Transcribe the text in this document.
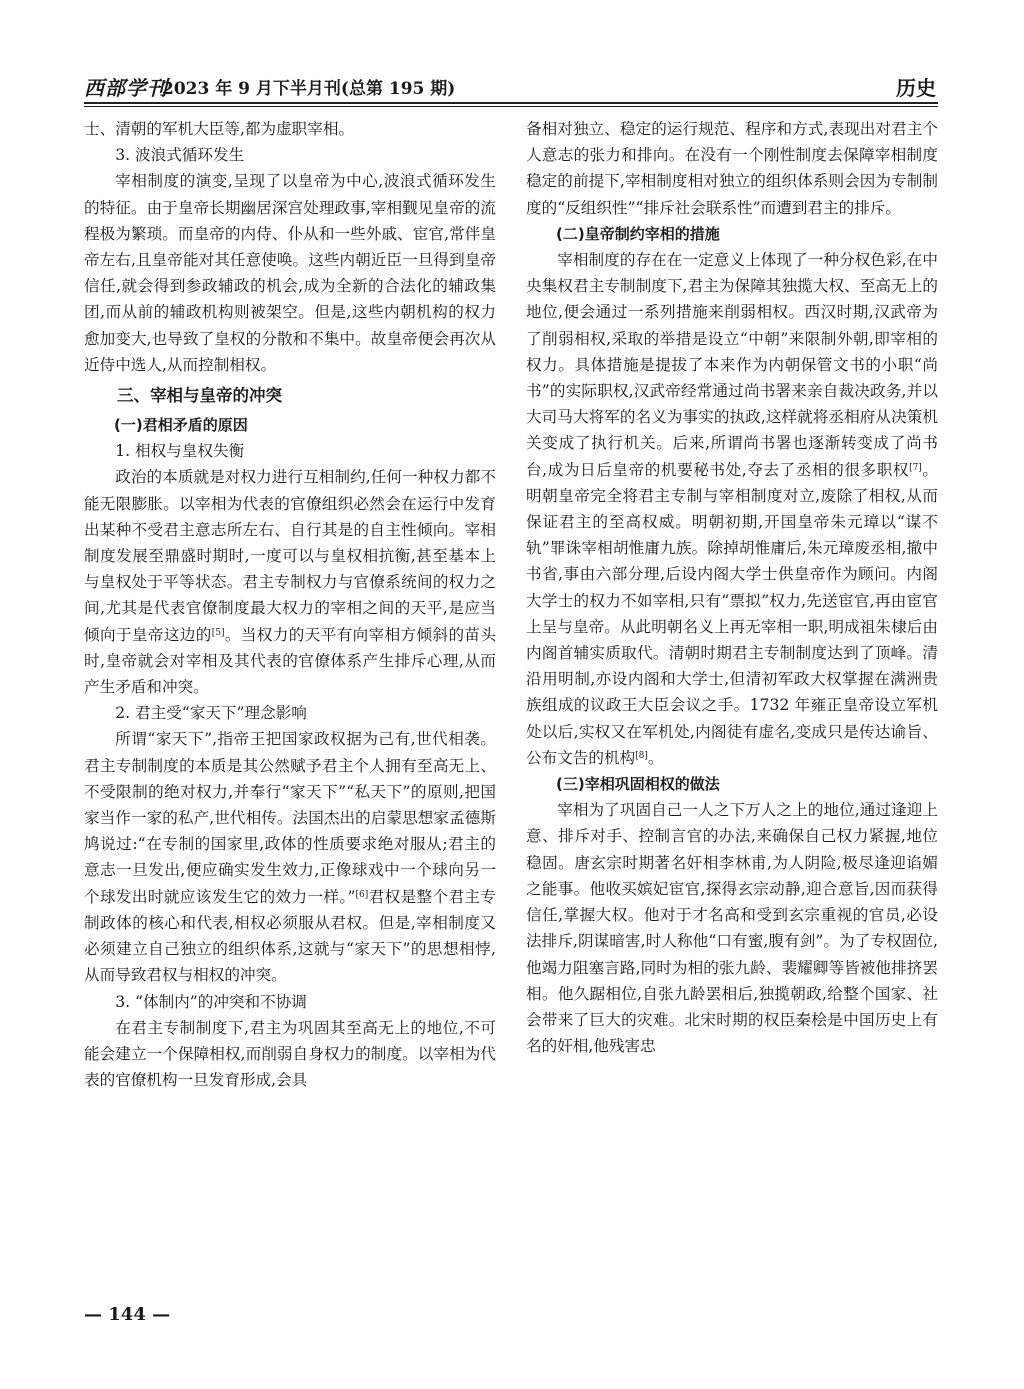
西部学刊
2023 年 9 月下半月刊(总第 195 期)	历史

士、清朝的军机大臣等,都为虚职宰相。

3. 波浪式循环发生

宰相制度的演变,呈现了以皇帝为中心,波浪式循环发生的特征。由于皇帝长期幽居深宫处理政事,宰相觐见皇帝的流程极为繁琐。而皇帝的内侍、仆从和一些外戚、宦官,常伴皇帝左右,且皇帝能对其任意使唤。这些内朝近臣一旦得到皇帝信任,就会得到参政辅政的机会,成为全新的合法化的辅政集团,而从前的辅政机构则被架空。但是,这些内朝机构的权力愈加变大,也导致了皇权的分散和不集中。故皇帝便会再次从近侍中选人,从而控制相权。

三、宰相与皇帝的冲突
(一)君相矛盾的原因

1. 相权与皇权失衡

政治的本质就是对权力进行互相制约,任何一种权力都不能无限膨胀。以宰相为代表的官僚组织必然会在运行中发育出某种不受君主意志所左右、自行其是的自主性倾向。宰相制度发展至鼎盛时期时,一度可以与皇权相抗衡,甚至基本上与皇权处于平等状态。君主专制权力与官僚系统间的权力之间,尤其是代表官僚制度最大权力的宰相之间的天平,是应当倾向于皇帝这边的[5]。当权力的天平有向宰相方倾斜的苗头时,皇帝就会对宰相及其代表的官僚体系产生排斥心理,从而产生矛盾和冲突。

2. 君主受“家天下”理念影响

所谓“家天下”,指帝王把国家政权据为己有,世代相袭。君主专制制度的本质是其公然赋予君主个人拥有至高无上、不受限制的绝对权力,并奉行“家天下”“私天下”的原则,把国家当作一家的私产,世代相传。法国杰出的启蒙思想家孟德斯鸠说过:“在专制的国家里,政体的性质要求绝对服从;君主的意志一旦发出,便应确实发生效力,正像球戏中一个球向另一个球发出时就应该发生它的效力一样。”[6]君权是整个君主专制政体的核心和代表,相权必须服从君权。但是,宰相制度又必须建立自己独立的组织体系,这就与“家天下”的思想相悖,从而导致君权与相权的冲突。

3. “体制内”的冲突和不协调

在君主专制制度下,君主为巩固其至高无上的地位,不可能会建立一个保障相权,而削弱自身权力的制度。以宰相为代表的官僚机构一旦发育形成,会具

备相对独立、稳定的运行规范、程序和方式,表现出对君主个人意志的张力和排向。在没有一个刚性制度去保障宰相制度稳定的前提下,宰相制度相对独立的组织体系则会因为专制制度的“反组织性”“排斥社会联系性”而遭到君主的排斥。

(二)皇帝制约宰相的措施

宰相制度的存在在一定意义上体现了一种分权色彩,在中央集权君主专制制度下,君主为保障其独揽大权、至高无上的地位,便会通过一系列措施来削弱相权。西汉时期,汉武帝为了削弱相权,采取的举措是设立“中朝”来限制外朝,即宰相的权力。具体措施是提拔了本来作为内朝保管文书的小职“尚书”的实际职权,汉武帝经常通过尚书署来亲自裁决政务,并以大司马大将军的名义为事实的执政,这样就将丞相府从决策机关变成了执行机关。后来,所谓尚书署也逐渐转变成了尚书台,成为日后皇帝的机要秘书处,夺去了丞相的很多职权[7]。明朝皇帝完全将君主专制与宰相制度对立,废除了相权,从而保证君主的至高权威。明朝初期,开国皇帝朱元璋以“谋不轨”罪诛宰相胡惟庸九族。除掉胡惟庸后,朱元璋废丞相,撤中书省,事由六部分理,后设内阁大学士供皇帝作为顾问。内阁大学士的权力不如宰相,只有“票拟”权力,先送宦官,再由宦官上呈与皇帝。从此明朝名义上再无宰相一职,明成祖朱棣后由内阁首辅实质取代。清朝时期君主专制制度达到了顶峰。清沿用明制,亦设内阁和大学士,但清初军政大权掌握在满洲贵族组成的议政王大臣会议之手。1732 年雍正皇帝设立军机处以后,实权又在军机处,内阁徒有虚名,变成只是传达谕旨、公布文告的机构[8]。

(三)宰相巩固相权的做法

宰相为了巩固自己一人之下万人之上的地位,通过逢迎上意、排斥对手、控制言官的办法,来确保自己权力紧握,地位稳固。唐玄宗时期著名奸相李林甫,为人阴险,极尽逢迎谄媚之能事。他收买嫔妃宦官,探得玄宗动静,迎合意旨,因而获得信任,掌握大权。他对于才名高和受到玄宗重视的官员,必设法排斥,阴谋暗害,时人称他“口有蜜,腹有剑”。为了专权固位,他竭力阻塞言路,同时为相的张九龄、裴耀卿等皆被他排挤罢相。他久踞相位,自张九龄罢相后,独揽朝政,给整个国家、社会带来了巨大的灾难。北宋时期的权臣秦桧是中国历史上有名的奸相,他残害忠

— 144 —
